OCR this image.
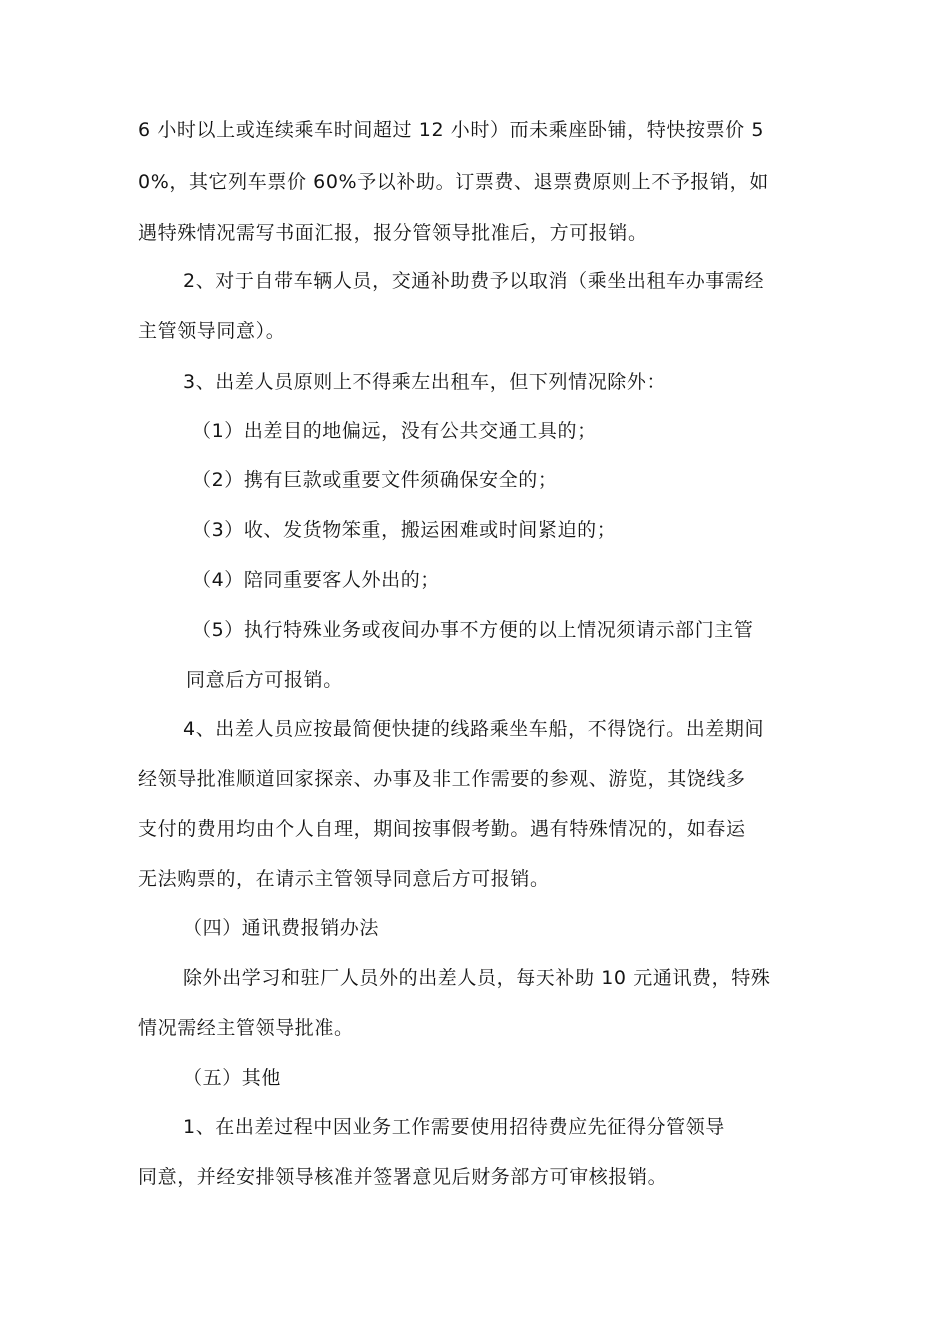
6 小时以上或连续乘车时间超过 12 小时）而未乘座卧铺，特快按票价 5

0%，其它列车票价 60%予以补助。订票费、退票费原则上不予报销，如

遇特殊情况需写书面汇报，报分管领导批准后，方可报销。

2、对于自带车辆人员，交通补助费予以取消（乘坐出租车办事需经

主管领导同意）。

3、出差人员原则上不得乘左出租车，但下列情况除外：

（1）出差目的地偏远，没有公共交通工具的；

（2）携有巨款或重要文件须确保安全的；

（3）收、发货物笨重，搬运困难或时间紧迫的；

（4）陪同重要客人外出的；

（5）执行特殊业务或夜间办事不方便的以上情况须请示部门主管

同意后方可报销。

4、出差人员应按最简便快捷的线路乘坐车船，不得饶行。出差期间

经领导批准顺道回家探亲、办事及非工作需要的参观、游览，其饶线多

支付的费用均由个人自理，期间按事假考勤。遇有特殊情况的，如春运

无法购票的，在请示主管领导同意后方可报销。

（四）通讯费报销办法

除外出学习和驻厂人员外的出差人员，每天补助 10 元通讯费，特殊

情况需经主管领导批准。

（五）其他

1、在出差过程中因业务工作需要使用招待费应先征得分管领导

同意，并经安排领导核准并签署意见后财务部方可审核报销。
